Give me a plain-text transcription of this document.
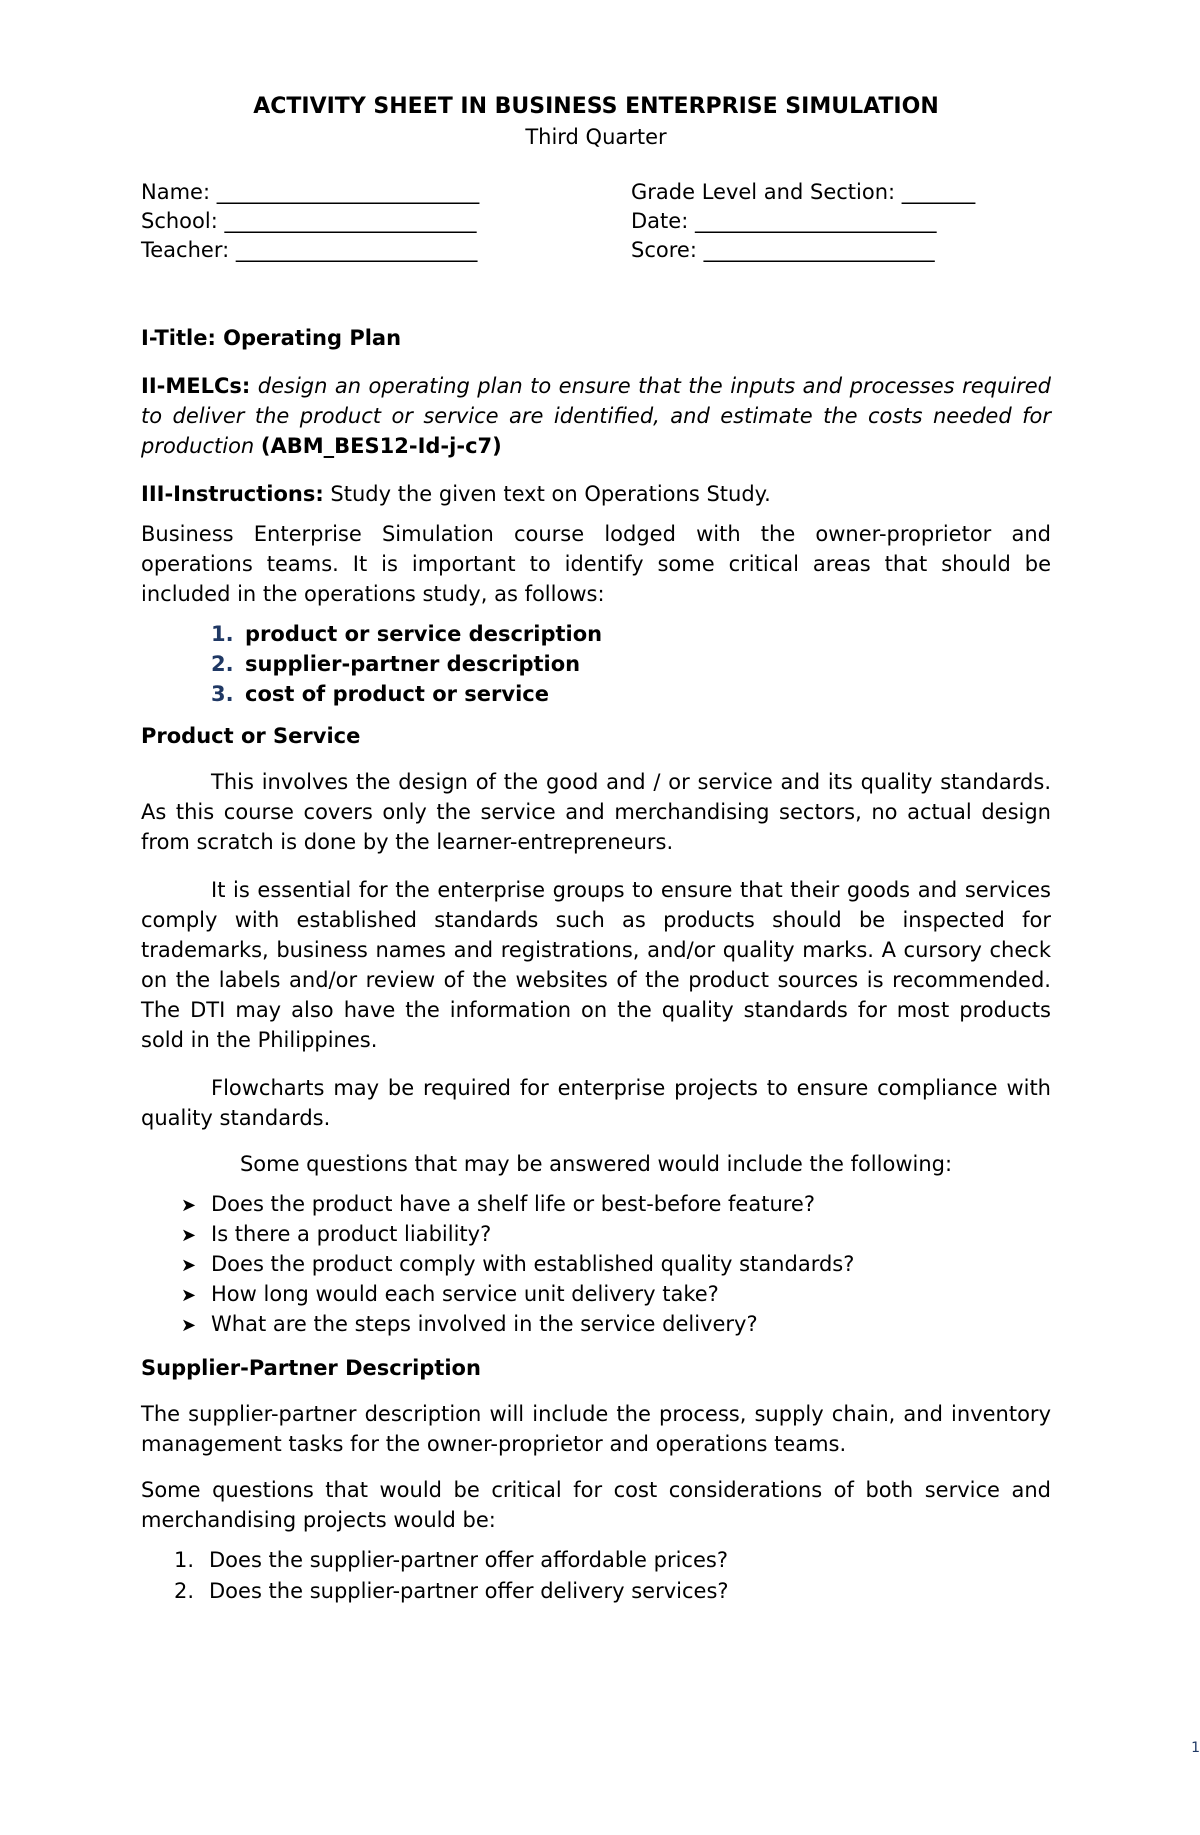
ACTIVITY SHEET IN BUSINESS ENTERPRISE SIMULATION
Third Quarter
Name: _________________________
School: ________________________
Teacher: _______________________
Grade Level and Section: _______
Date: _______________________
Score: ______________________

I-Title: Operating Plan

II-MELCs: design an operating plan to ensure that the inputs and processes required to deliver the product or service are identified, and estimate the costs needed for production (ABM_BES12-Id-j-c7)

III-Instructions: Study the given text on Operations Study.

Business Enterprise Simulation course lodged with the owner-proprietor and operations teams. It is important to identify some critical areas that should be included in the operations study, as follows:

1. product or service description
2. supplier-partner description
3. cost of product or service

Product or Service

This involves the design of the good and / or service and its quality standards. As this course covers only the service and merchandising sectors, no actual design from scratch is done by the learner-entrepreneurs.

It is essential for the enterprise groups to ensure that their goods and services comply with established standards such as products should be inspected for trademarks, business names and registrations, and/or quality marks. A cursory check on the labels and/or review of the websites of the product sources is recommended. The DTI may also have the information on the quality standards for most products sold in the Philippines.

Flowcharts may be required for enterprise projects to ensure compliance with quality standards.

Some questions that may be answered would include the following:

➤ Does the product have a shelf life or best-before feature?
➤ Is there a product liability?
➤ Does the product comply with established quality standards?
➤ How long would each service unit delivery take?
➤ What are the steps involved in the service delivery?

Supplier-Partner Description

The supplier-partner description will include the process, supply chain, and inventory management tasks for the owner-proprietor and operations teams.

Some questions that would be critical for cost considerations of both service and merchandising projects would be:

1. Does the supplier-partner offer affordable prices?
2. Does the supplier-partner offer delivery services?
1
